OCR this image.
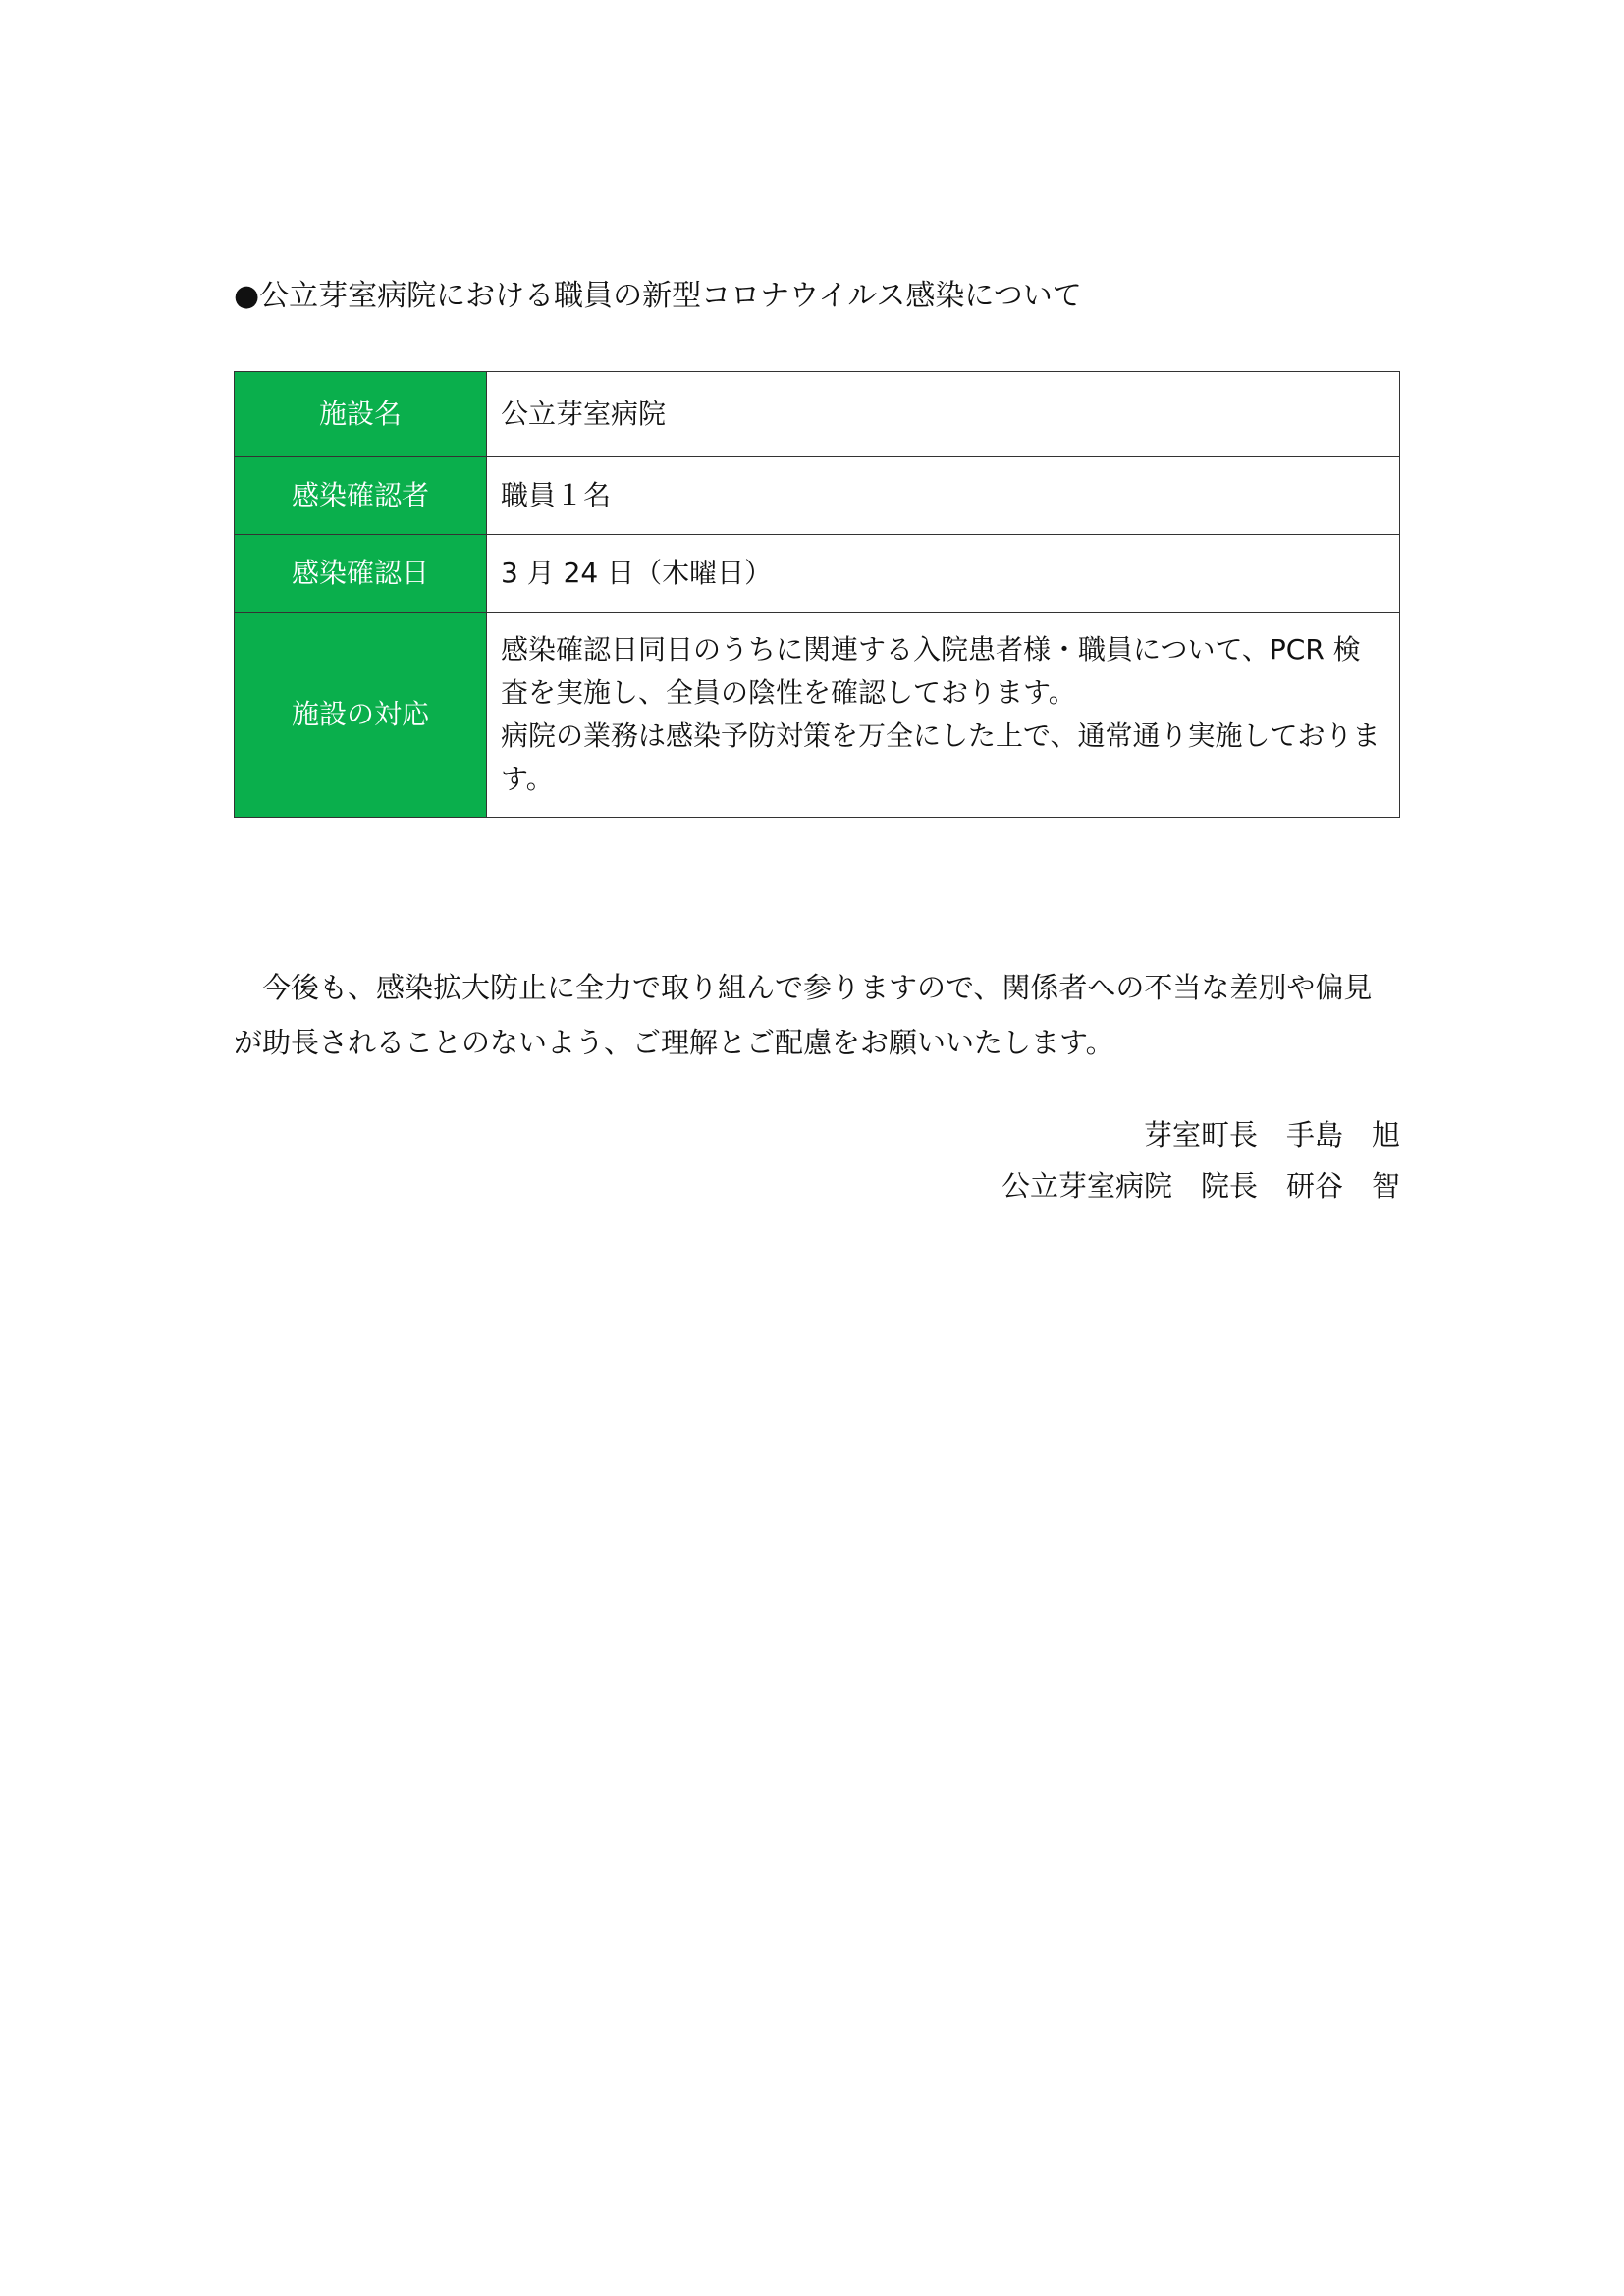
●公立芽室病院における職員の新型コロナウイルス感染について
施設名	公立芽室病院
感染確認者	職員１名
感染確認日	3 月 24 日（木曜日）
施設の対応	感染確認日同日のうちに関連する入院患者様・職員について、PCR 検査を実施し、全員の陰性を確認しております。
病院の業務は感染予防対策を万全にした上で、通常通り実施しております。
今後も、感染拡大防止に全力で取り組んで参りますので、関係者への不当な差別や偏見が助長されることのないよう、ご理解とご配慮をお願いいたします。
芽室町長　手島　旭
公立芽室病院　院長　研谷　智
